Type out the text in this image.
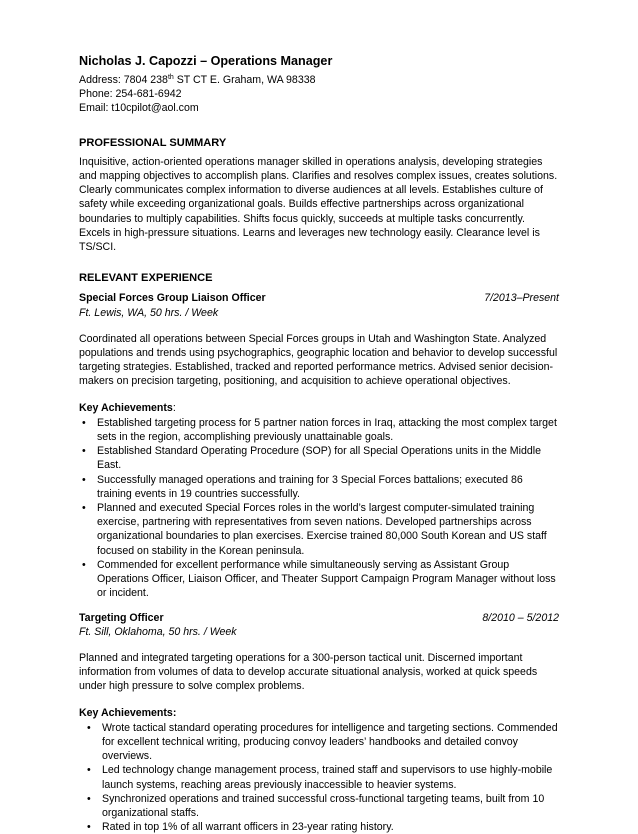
Nicholas J. Capozzi – Operations Manager
Address: 7804 238th ST CT E. Graham, WA 98338
Phone: 254-681-6942
Email: t10cpilot@aol.com
PROFESSIONAL SUMMARY

Inquisitive, action-oriented operations manager skilled in operations analysis, developing strategies and mapping objectives to accomplish plans. Clarifies and resolves complex issues, creates solutions. Clearly communicates complex information to diverse audiences at all levels. Establishes culture of safety while exceeding organizational goals. Builds effective partnerships across organizational boundaries to multiply capabilities. Shifts focus quickly, succeeds at multiple tasks concurrently. Excels in high-pressure situations. Learns and leverages new technology easily. Clearance level is TS/SCI.

RELEVANT EXPERIENCE
Special Forces Group Liaison Officer	7/2013–Present
Ft. Lewis, WA, 50 hrs. / Week

Coordinated all operations between Special Forces groups in Utah and Washington State. Analyzed populations and trends using psychographics, geographic location and behavior to develop successful targeting strategies. Established, tracked and reported performance metrics. Advised senior decision-makers on precision targeting, positioning, and acquisition to achieve operational objectives.

Key Achievements:
•	Established targeting process for 5 partner nation forces in Iraq, attacking the most complex target sets in the region, accomplishing previously unattainable goals.
•	Established Standard Operating Procedure (SOP) for all Special Operations units in the Middle East.
•	Successfully managed operations and training for 3 Special Forces battalions; executed 86 training events in 19 countries successfully.
•	Planned and executed Special Forces roles in the world’s largest computer-simulated training exercise, partnering with representatives from seven nations. Developed partnerships across organizational boundaries to plan exercises. Exercise trained 80,000 South Korean and US staff focused on stability in the Korean peninsula.
•	Commended for excellent performance while simultaneously serving as Assistant Group Operations Officer, Liaison Officer, and Theater Support Campaign Program Manager without loss or incident.
Targeting Officer	8/2010 – 5/2012
Ft. Sill, Oklahoma, 50 hrs. / Week

Planned and integrated targeting operations for a 300-person tactical unit. Discerned important information from volumes of data to develop accurate situational analysis, worked at quick speeds under high pressure to solve complex problems.

Key Achievements:
•	Wrote tactical standard operating procedures for intelligence and targeting sections. Commended for excellent technical writing, producing convoy leaders’ handbooks and detailed convoy overviews.
•	Led technology change management process, trained staff and supervisors to use highly-mobile launch systems, reaching areas previously inaccessible to heavier systems.
•	Synchronized operations and trained successful cross-functional targeting teams, built from 10 organizational staffs.
•	Rated in top 1% of all warrant officers in 23-year rating history.
